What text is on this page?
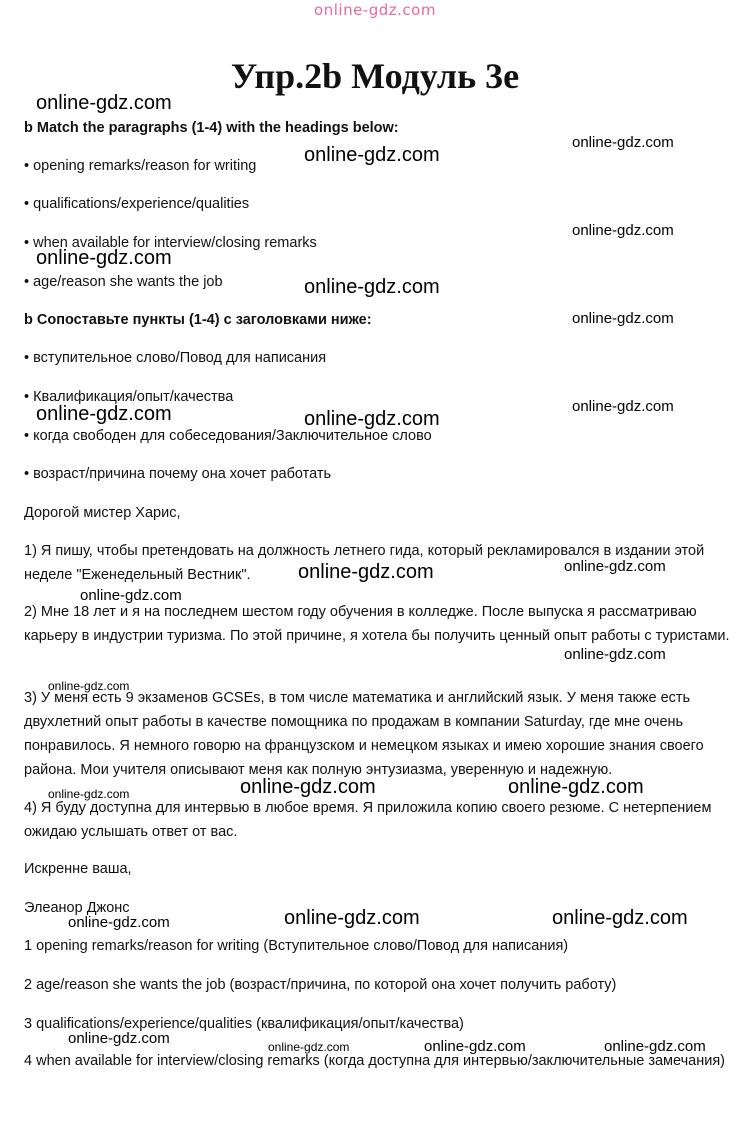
online-gdz.com
Упр.2b Модуль 3е
b Match the paragraphs (1-4) with the headings below:
• opening remarks/reason for writing
• qualifications/experience/qualities
• when available for interview/closing remarks
• age/reason she wants the job
b Сопоставьте пункты (1-4) с заголовками ниже:
• вступительное слово/Повод для написания
• Квалификация/опыт/качества
• когда свободен для собеседования/Заключительное слово
• возраст/причина почему она хочет работать
Дорогой мистер Харис,
1) Я пишу, чтобы претендовать на должность летнего гида, который рекламировался в издании этой неделе "Еженедельный Вестник".
2) Мне 18 лет и я на последнем шестом году обучения в колледже. После выпуска я рассматриваю карьеру в индустрии туризма. По этой причине, я хотела бы получить ценный опыт работы с туристами.
3) У меня есть 9 экзаменов GCSEs, в том числе математика и английский язык. У меня также есть двухлетний опыт работы в качестве помощника по продажам в компании Saturday, где мне очень понравилось. Я немного говорю на французском и немецком языках и имею хорошие знания своего района. Мои учителя описывают меня как полную энтузиазма, уверенную и надежную.
4) Я буду доступна для интервью в любое время. Я приложила копию своего резюме. С нетерпением ожидаю услышать ответ от вас.
Искренне ваша,
Элеанор Джонс
1 opening remarks/reason for writing (Вступительное слово/Повод для написания)
2 age/reason she wants the job (возраст/причина, по которой она хочет получить работу)
3 qualifications/experience/qualities (квалификация/опыт/качества)
4 when available for interview/closing remarks (когда доступна для интервью/заключительные замечания)
online-gdz.com
online-gdz.com
online-gdz.com
online-gdz.com
online-gdz.com
online-gdz.com
online-gdz.com
online-gdz.com
online-gdz.com	online-gdz.com
online-gdz.com
online-gdz.com
online-gdz.com
online-gdz.com
online-gdz.com
online-gdz.com	online-gdz.com
online-gdz.com
online-gdz.com	online-gdz.com
online-gdz.com
online-gdz.com	online-gdz.com	online-gdz.com	online-gdz.com
